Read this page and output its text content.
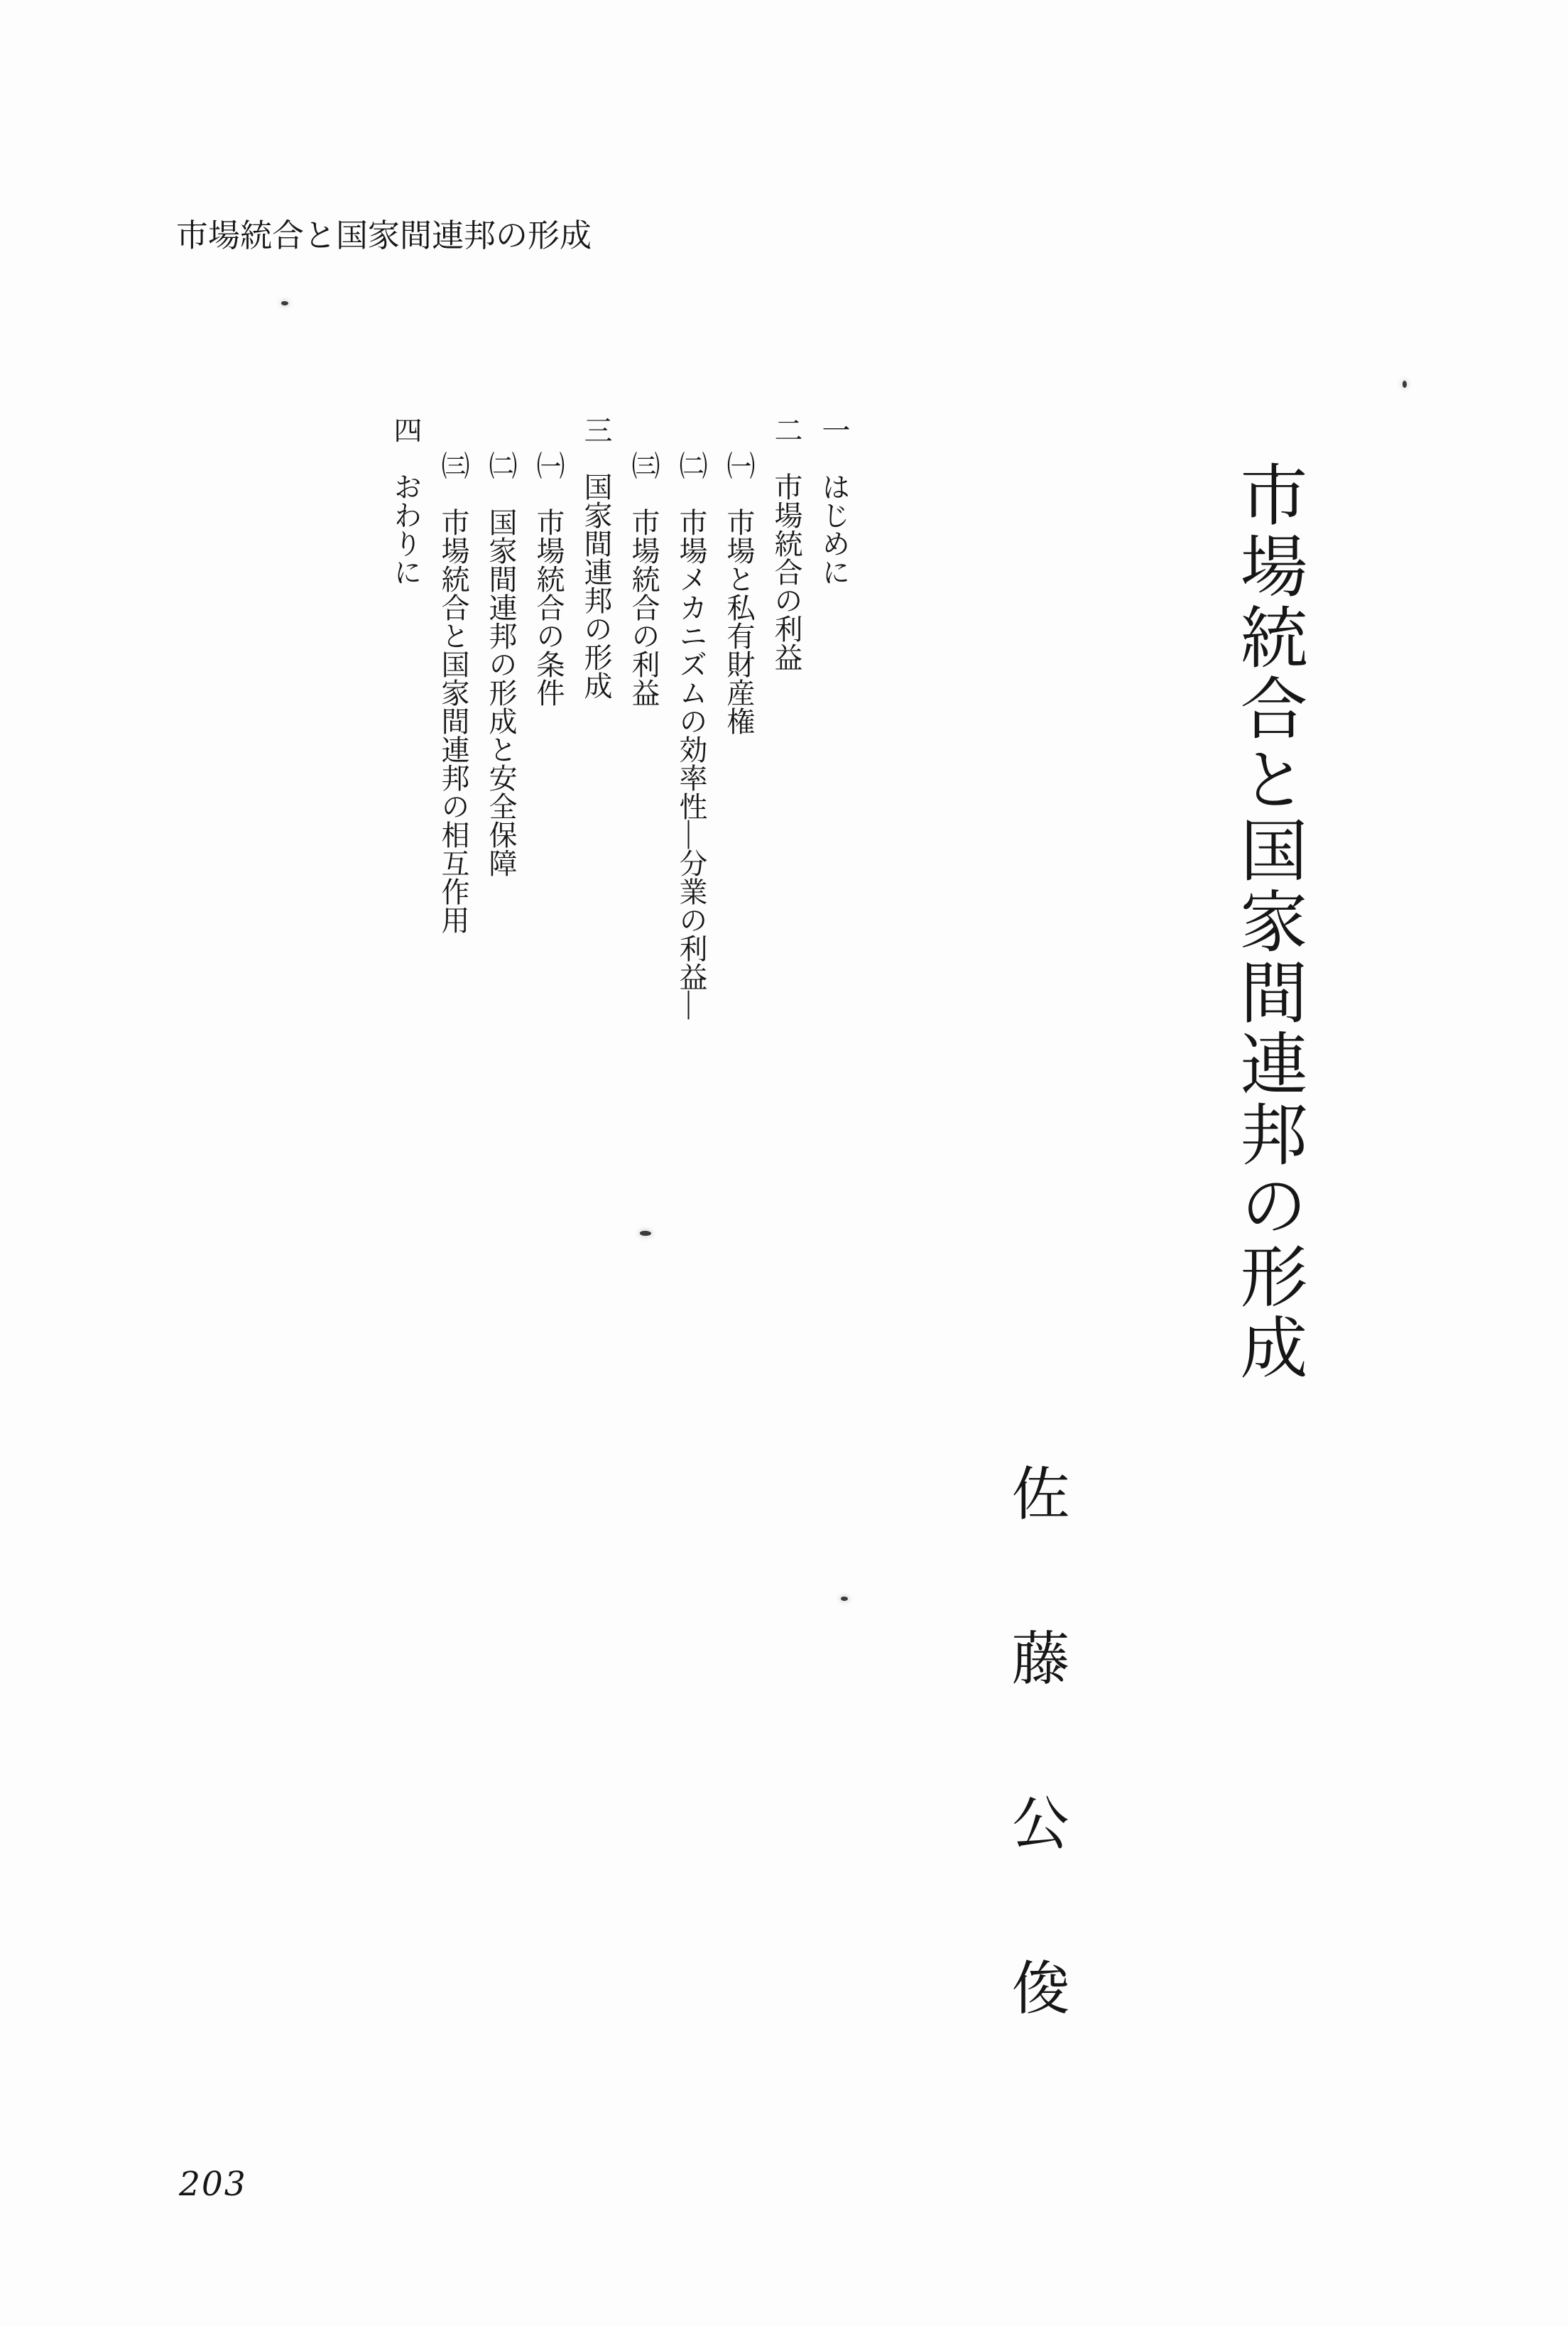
市場統合と国家間連邦の形成
一はじめに
二市場統合の利益
㈠市場と私有財産権
㈡市場メカニズムの効率性―分業の利益―
㈢市場統合の利益
三国家間連邦の形成
㈠市場統合の条件
㈡国家間連邦の形成と安全保障
㈢市場統合と国家間連邦の相互作用
四おわりに	市場統合と国家間連邦の形成
佐藤公俊
203
